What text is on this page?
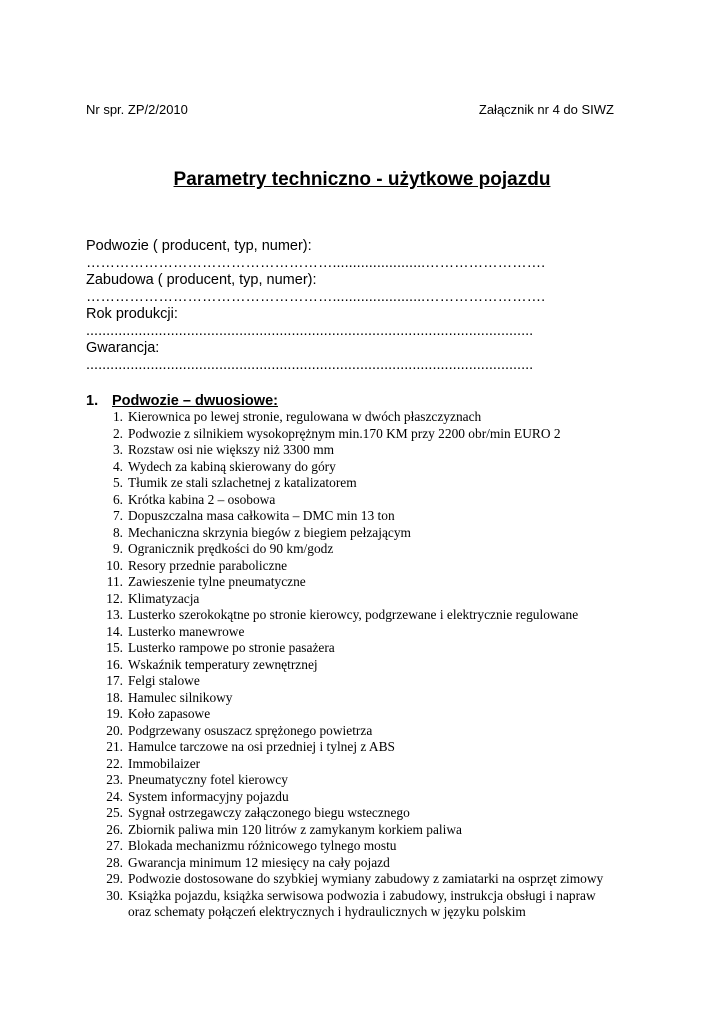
Nr spr. ZP/2/2010	Załącznik nr 4 do SIWZ
Parametry techniczno - użytkowe pojazdu
Podwozie ( producent, typ, numer):
…………………………………………….......................…………………….
Zabudowa ( producent, typ, numer):
…………………………………………….......................…………………….
Rok produkcji:
...............................................................................................................
Gwarancja:
...............................................................................................................
1. Podwozie – dwuosiowe:
1. Kierownica po lewej stronie, regulowana w dwóch płaszczyznach
2. Podwozie z silnikiem wysokoprężnym min.170 KM przy 2200 obr/min EURO 2
3. Rozstaw osi nie większy niż 3300 mm
4. Wydech za kabiną skierowany do góry
5. Tłumik ze stali szlachetnej z katalizatorem
6. Krótka kabina 2 – osobowa
7. Dopuszczalna masa całkowita – DMC min 13 ton
8. Mechaniczna skrzynia biegów z biegiem pełzającym
9. Ogranicznik prędkości do 90 km/godz
10. Resory przednie paraboliczne
11. Zawieszenie tylne pneumatyczne
12. Klimatyzacja
13. Lusterko szerokokątne po stronie kierowcy, podgrzewane i elektrycznie regulowane
14. Lusterko manewrowe
15. Lusterko rampowe po stronie pasażera
16. Wskaźnik temperatury zewnętrznej
17. Felgi stalowe
18. Hamulec silnikowy
19. Koło zapasowe
20. Podgrzewany osuszacz sprężonego powietrza
21. Hamulce tarczowe na osi przedniej i tylnej z ABS
22. Immobilaizer
23. Pneumatyczny fotel kierowcy
24. System informacyjny pojazdu
25. Sygnał ostrzegawczy załączonego biegu wstecznego
26. Zbiornik paliwa min 120 litrów z zamykanym korkiem paliwa
27. Blokada mechanizmu różnicowego tylnego mostu
28. Gwarancja minimum 12 miesięcy na cały pojazd
29. Podwozie dostosowane do szybkiej wymiany zabudowy z zamiatarki na osprzęt zimowy
30. Książka pojazdu, książka serwisowa podwozia i zabudowy, instrukcja obsługi i napraw
oraz schematy połączeń elektrycznych i hydraulicznych w języku polskim
